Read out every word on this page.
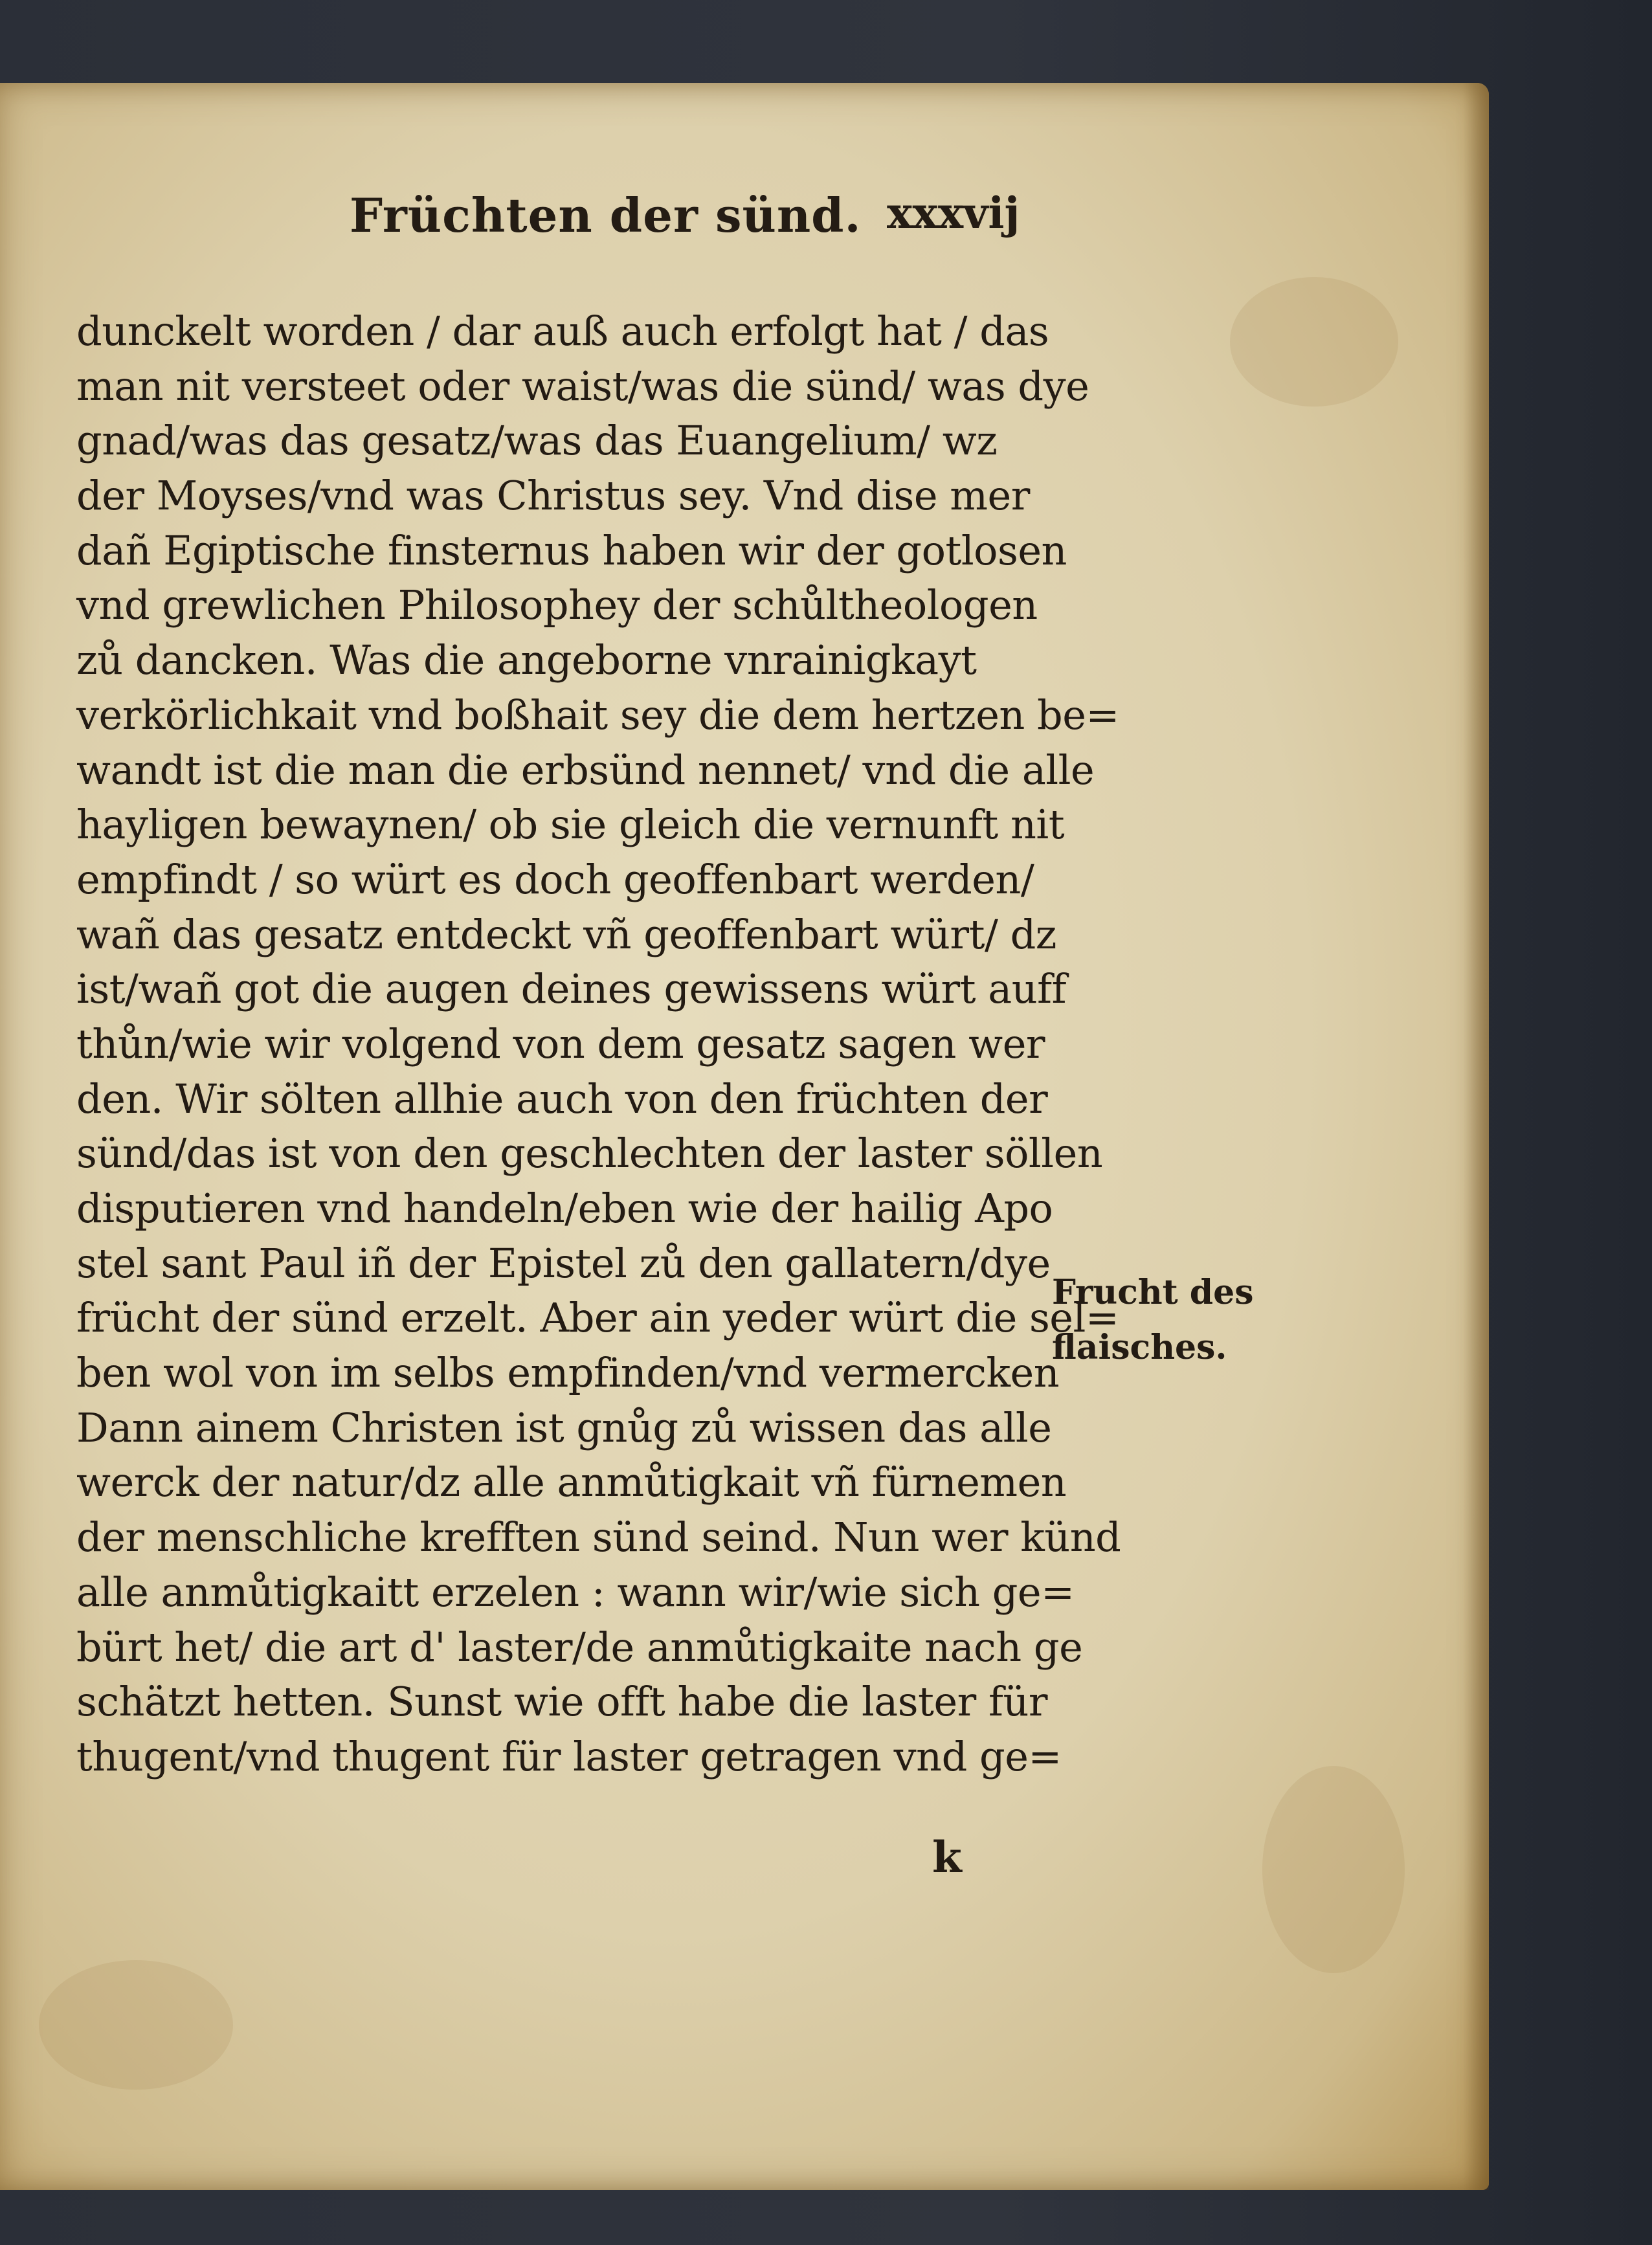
Früchten der sünd. xxxvij
dunckelt worden / dar auß auch erfolgt hat / das
man nit versteet oder waist/was die sünd/ was dye
gnad/was das gesatz/was das Euangelium/ wz
der Moyses/vnd was Christus sey. Vnd dise mer
dañ Egiptische finsternus haben wir der gotlosen
vnd grewlichen Philosophey der schůltheologen
zů dancken. Was die angeborne vnrainigkayt
verkörlichkait vnd boßhait sey die dem hertzen be=
wandt ist die man die erbsünd nennet/ vnd die alle
hayligen bewaynen/ ob sie gleich die vernunft nit
empfindt / so würt es doch geoffenbart werden/
wañ das gesatz entdeckt vñ geoffenbart würt/ dz
ist/wañ got die augen deines gewissens würt auff
thůn/wie wir volgend von dem gesatz sagen wer
den. Wir sölten allhie auch von den früchten der
sünd/das ist von den geschlechten der laster söllen
disputieren vnd handeln/eben wie der hailig Apo
stel sant Paul iñ der Epistel zů den gallatern/dye
frücht der sünd erzelt. Aber ain yeder würt die sel=
ben wol von im selbs empfinden/vnd vermercken
Dann ainem Christen ist gnůg zů wissen das alle
werck der natur/dz alle anmůtigkait vñ fürnemen
der menschliche krefften sünd seind. Nun wer künd
alle anmůtigkaitt erzelen : wann wir/wie sich ge=
bürt het/ die art d' laster/de anmůtigkaite nach ge
schätzt hetten. Sunst wie offt habe die laster für
thugent/vnd thugent für laster getragen vnd ge=
Frucht des
flaisches.
k
